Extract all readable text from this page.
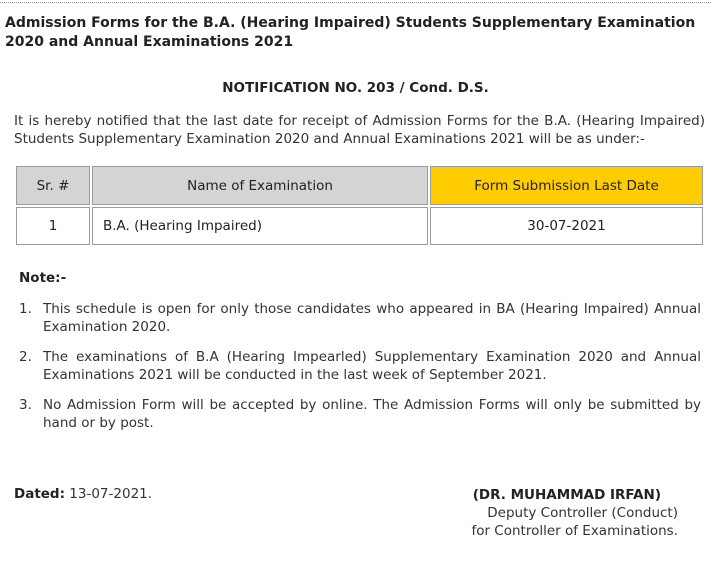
Admission Forms for the B.A. (Hearing Impaired) Students Supplementary Examination 2020 and Annual Examinations 2021
NOTIFICATION NO. 203 / Cond. D.S.
It is hereby notified that the last date for receipt of Admission Forms for the B.A. (Hearing Impaired) Students Supplementary Examination 2020 and Annual Examinations 2021 will be as under:-
Sr. #	Name of Examination	Form Submission Last Date
1	B.A. (Hearing Impaired)	30-07-2021
Note:-
1. This schedule is open for only those candidates who appeared in BA (Hearing Impaired) Annual Examination 2020.
2. The examinations of B.A (Hearing Impearled) Supplementary Examination 2020 and Annual Examinations 2021 will be conducted in the last week of September 2021.
3. No Admission Form will be accepted by online. The Admission Forms will only be submitted by hand or by post.
Dated: 13-07-2021.	(DR. MUHAMMAD IRFAN)
Deputy Controller (Conduct)
for Controller of Examinations.
